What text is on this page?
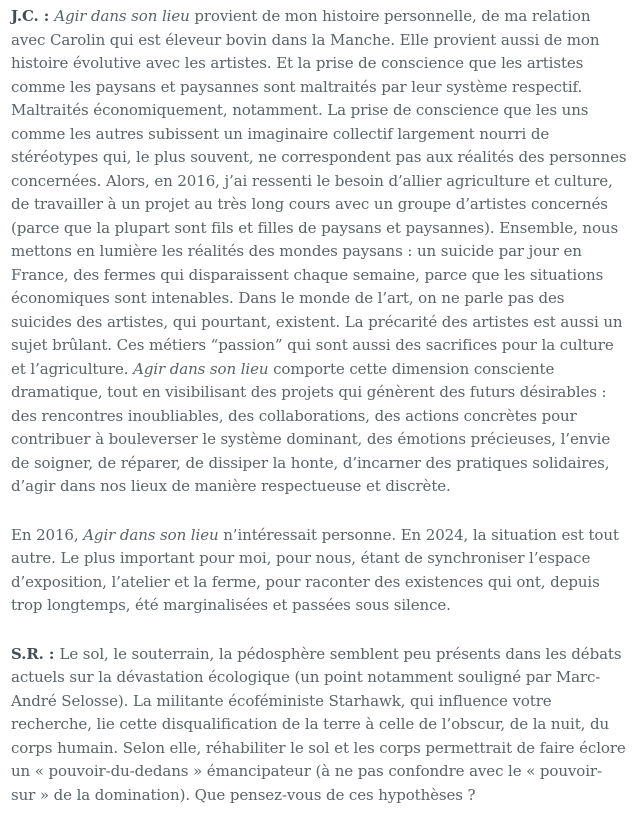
J.C. : Agir dans son lieu provient de mon histoire personnelle, de ma relation avec Carolin qui est éleveur bovin dans la Manche. Elle provient aussi de mon histoire évolutive avec les artistes. Et la prise de conscience que les artistes comme les paysans et paysannes sont maltraités par leur système respectif. Maltraités économiquement, notamment. La prise de conscience que les uns comme les autres subissent un imaginaire collectif largement nourri de stéréotypes qui, le plus souvent, ne correspondent pas aux réalités des personnes concernées. Alors, en 2016, j’ai ressenti le besoin d’allier agriculture et culture, de travailler à un projet au très long cours avec un groupe d’artistes concernés (parce que la plupart sont fils et filles de paysans et paysannes). Ensemble, nous mettons en lumière les réalités des mondes paysans : un suicide par jour en France, des fermes qui disparaissent chaque semaine, parce que les situations économiques sont intenables. Dans le monde de l’art, on ne parle pas des suicides des artistes, qui pourtant, existent. La précarité des artistes est aussi un sujet brûlant. Ces métiers “passion” qui sont aussi des sacrifices pour la culture et l’agriculture. Agir dans son lieu comporte cette dimension consciente dramatique, tout en visibilisant des projets qui génèrent des futurs désirables : des rencontres inoubliables, des collaborations, des actions concrètes pour contribuer à bouleverser le système dominant, des émotions précieuses, l’envie de soigner, de réparer, de dissiper la honte, d’incarner des pratiques solidaires, d’agir dans nos lieux de manière respectueuse et discrète.

En 2016, Agir dans son lieu n’intéressait personne. En 2024, la situation est tout autre. Le plus important pour moi, pour nous, étant de synchroniser l’espace d’exposition, l’atelier et la ferme, pour raconter des existences qui ont, depuis trop longtemps, été marginalisées et passées sous silence.

S.R. : Le sol, le souterrain, la pédosphère semblent peu présents dans les débats actuels sur la dévastation écologique (un point notamment souligné par Marc-André Selosse). La militante écoféministe Starhawk, qui influence votre recherche, lie cette disqualification de la terre à celle de l’obscur, de la nuit, du corps humain. Selon elle, réhabiliter le sol et les corps permettrait de faire éclore un « pouvoir-du-dedans » émancipateur (à ne pas confondre avec le « pouvoir-sur » de la domination). Que pensez-vous de ces hypothèses ?
